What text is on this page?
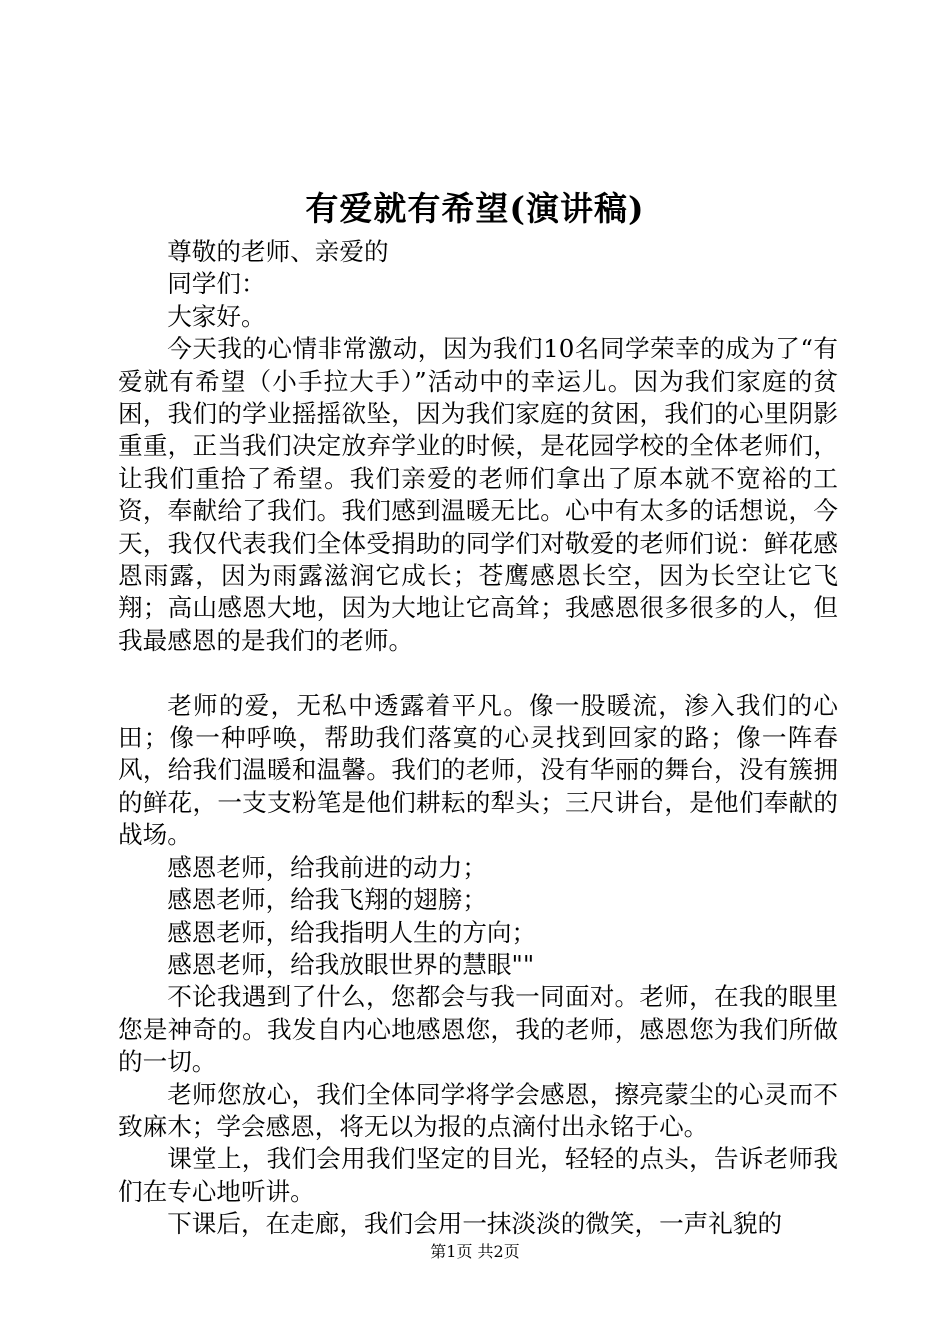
有爱就有希望(演讲稿)

尊敬的老师、亲爱的

同学们：

大家好。

今天我的心情非常激动，因为我们10名同学荣幸的成为了“有爱就有希望（小手拉大手）”活动中的幸运儿。因为我们家庭的贫困，我们的学业摇摇欲坠，因为我们家庭的贫困，我们的心里阴影重重，正当我们决定放弃学业的时候，是花园学校的全体老师们，让我们重拾了希望。我们亲爱的老师们拿出了原本就不宽裕的工资，奉献给了我们。我们感到温暖无比。心中有太多的话想说，今天，我仅代表我们全体受捐助的同学们对敬爱的老师们说：鲜花感恩雨露，因为雨露滋润它成长；苍鹰感恩长空，因为长空让它飞翔；高山感恩大地，因为大地让它高耸；我感恩很多很多的人，但我最感恩的是我们的老师。

老师的爱，无私中透露着平凡。像一股暖流，渗入我们的心田；像一种呼唤，帮助我们落寞的心灵找到回家的路；像一阵春风，给我们温暖和温馨。我们的老师，没有华丽的舞台，没有簇拥的鲜花，一支支粉笔是他们耕耘的犁头；三尺讲台，是他们奉献的战场。

感恩老师，给我前进的动力；

感恩老师，给我飞翔的翅膀；

感恩老师，给我指明人生的方向；

感恩老师，给我放眼世界的慧眼""

不论我遇到了什么，您都会与我一同面对。老师，在我的眼里您是神奇的。我发自内心地感恩您，我的老师，感恩您为我们所做的一切。

老师您放心，我们全体同学将学会感恩，擦亮蒙尘的心灵而不致麻木；学会感恩，将无以为报的点滴付出永铭于心。

课堂上，我们会用我们坚定的目光，轻轻的点头，告诉老师我们在专心地听讲。

下课后，在走廊，我们会用一抹淡淡的微笑，一声礼貌的

第1页 共2页
